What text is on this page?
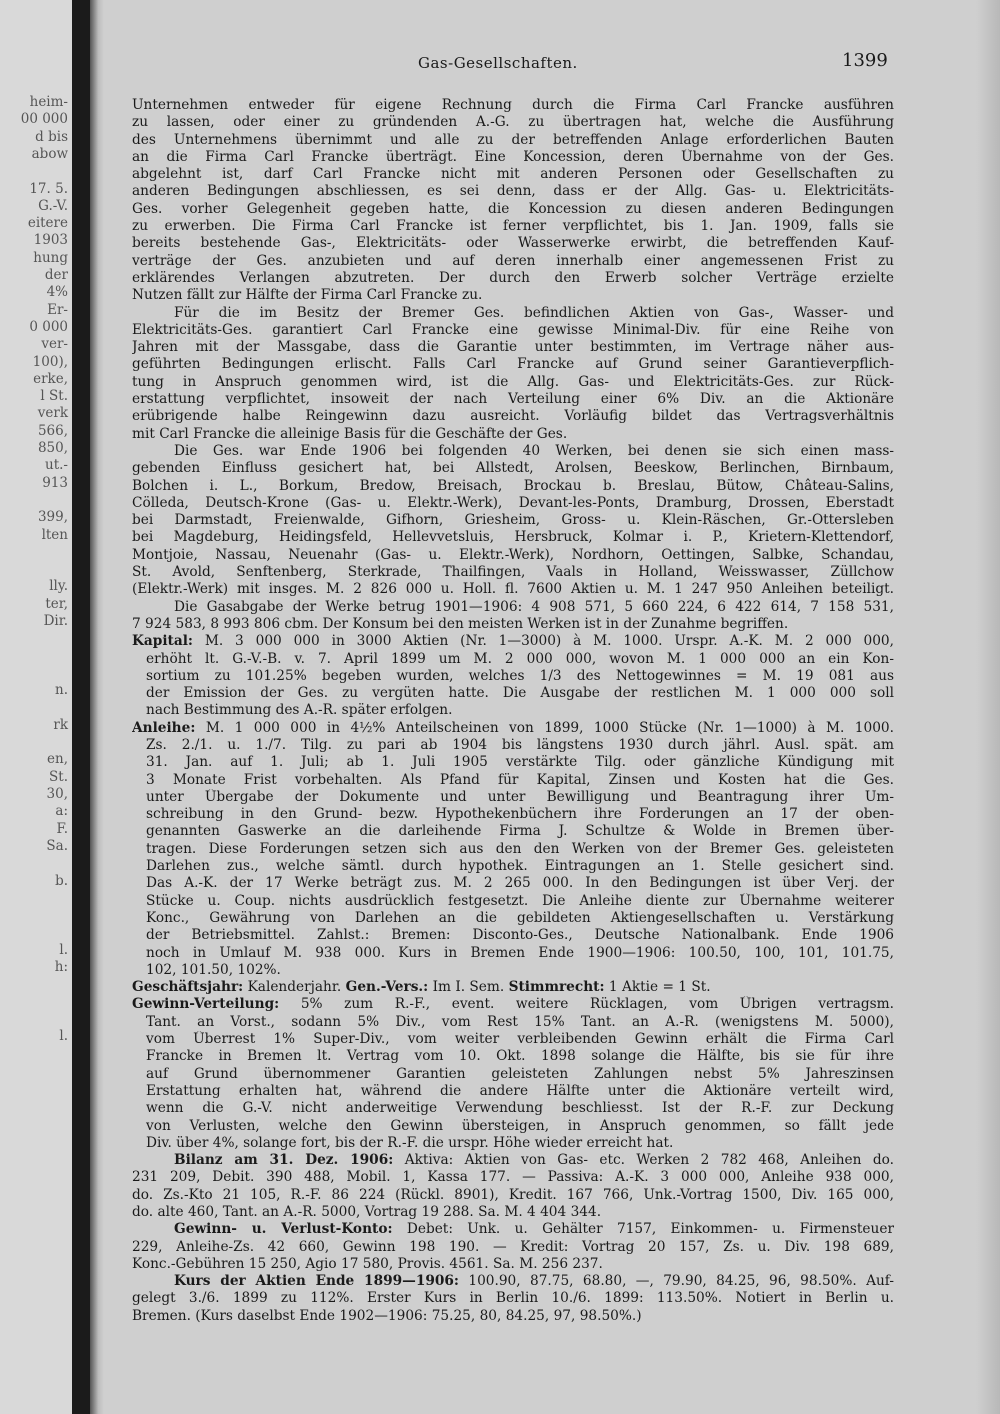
heim-
00 000
d bis
abow
17. 5.
G.-V.
eitere
1903
hung
der
4%
Er-
0 000
ver-
100),
erke,
l St.
verk
566,
850,
ut.-
913
399,
lten
lly.
ter,
Dir.
n.
rk
en,
St.
30,
a:
F.
Sa.
b.
l.
h:
l.
Gas-Gesellschaften.	1399
Unternehmen entweder für eigene Rechnung durch die Firma Carl Francke ausführen
zu lassen, oder einer zu gründenden A.-G. zu übertragen hat, welche die Ausführung
des Unternehmens übernimmt und alle zu der betreffenden Anlage erforderlichen Bauten
an die Firma Carl Francke überträgt. Eine Koncession, deren Übernahme von der Ges.
abgelehnt ist, darf Carl Francke nicht mit anderen Personen oder Gesellschaften zu
anderen Bedingungen abschliessen, es sei denn, dass er der Allg. Gas- u. Elektricitäts-
Ges. vorher Gelegenheit gegeben hatte, die Koncession zu diesen anderen Bedingungen
zu erwerben. Die Firma Carl Francke ist ferner verpflichtet, bis 1. Jan. 1909, falls sie
bereits bestehende Gas-, Elektricitäts- oder Wasserwerke erwirbt, die betreffenden Kauf-
verträge der Ges. anzubieten und auf deren innerhalb einer angemessenen Frist zu
erklärendes Verlangen abzutreten. Der durch den Erwerb solcher Verträge erzielte
Nutzen fällt zur Hälfte der Firma Carl Francke zu.
Für die im Besitz der Bremer Ges. befindlichen Aktien von Gas-, Wasser- und
Elektricitäts-Ges. garantiert Carl Francke eine gewisse Minimal-Div. für eine Reihe von
Jahren mit der Massgabe, dass die Garantie unter bestimmten, im Vertrage näher aus-
geführten Bedingungen erlischt. Falls Carl Francke auf Grund seiner Garantieverpflich-
tung in Anspruch genommen wird, ist die Allg. Gas- und Elektricitäts-Ges. zur Rück-
erstattung verpflichtet, insoweit der nach Verteilung einer 6% Div. an die Aktionäre
erübrigende halbe Reingewinn dazu ausreicht. Vorläufig bildet das Vertragsverhältnis
mit Carl Francke die alleinige Basis für die Geschäfte der Ges.
Die Ges. war Ende 1906 bei folgenden 40 Werken, bei denen sie sich einen mass-
gebenden Einfluss gesichert hat, bei Allstedt, Arolsen, Beeskow, Berlinchen, Birnbaum,
Bolchen i. L., Borkum, Bredow, Breisach, Brockau b. Breslau, Bütow, Château-Salins,
Cölleda, Deutsch-Krone (Gas- u. Elektr.-Werk), Devant-les-Ponts, Dramburg, Drossen, Eberstadt
bei Darmstadt, Freienwalde, Gifhorn, Griesheim, Gross- u. Klein-Räschen, Gr.-Ottersleben
bei Magdeburg, Heidingsfeld, Hellevvetsluis, Hersbruck, Kolmar i. P., Krietern-Klettendorf,
Montjoie, Nassau, Neuenahr (Gas- u. Elektr.-Werk), Nordhorn, Oettingen, Salbke, Schandau,
St. Avold, Senftenberg, Sterkrade, Thailfingen, Vaals in Holland, Weisswasser, Züllchow
(Elektr.-Werk) mit insges. M. 2 826 000 u. Holl. fl. 7600 Aktien u. M. 1 247 950 Anleihen beteiligt.
Die Gasabgabe der Werke betrug 1901—1906: 4 908 571, 5 660 224, 6 422 614, 7 158 531,
7 924 583, 8 993 806 cbm. Der Konsum bei den meisten Werken ist in der Zunahme begriffen.
Kapital: M. 3 000 000 in 3000 Aktien (Nr. 1—3000) à M. 1000. Urspr. A.-K. M. 2 000 000,
erhöht lt. G.-V.-B. v. 7. April 1899 um M. 2 000 000, wovon M. 1 000 000 an ein Kon-
sortium zu 101.25% begeben wurden, welches 1/3 des Nettogewinnes = M. 19 081 aus
der Emission der Ges. zu vergüten hatte. Die Ausgabe der restlichen M. 1 000 000 soll
nach Bestimmung des A.-R. später erfolgen.
Anleihe: M. 1 000 000 in 4½% Anteilscheinen von 1899, 1000 Stücke (Nr. 1—1000) à M. 1000.
Zs. 2./1. u. 1./7. Tilg. zu pari ab 1904 bis längstens 1930 durch jährl. Ausl. spät. am
31. Jan. auf 1. Juli; ab 1. Juli 1905 verstärkte Tilg. oder gänzliche Kündigung mit
3 Monate Frist vorbehalten. Als Pfand für Kapital, Zinsen und Kosten hat die Ges.
unter Übergabe der Dokumente und unter Bewilligung und Beantragung ihrer Um-
schreibung in den Grund- bezw. Hypothekenbüchern ihre Forderungen an 17 der oben-
genannten Gaswerke an die darleihende Firma J. Schultze & Wolde in Bremen über-
tragen. Diese Forderungen setzen sich aus den den Werken von der Bremer Ges. geleisteten
Darlehen zus., welche sämtl. durch hypothek. Eintragungen an 1. Stelle gesichert sind.
Das A.-K. der 17 Werke beträgt zus. M. 2 265 000. In den Bedingungen ist über Verj. der
Stücke u. Coup. nichts ausdrücklich festgesetzt. Die Anleihe diente zur Übernahme weiterer
Konc., Gewährung von Darlehen an die gebildeten Aktiengesellschaften u. Verstärkung
der Betriebsmittel. Zahlst.: Bremen: Disconto-Ges., Deutsche Nationalbank. Ende 1906
noch in Umlauf M. 938 000. Kurs in Bremen Ende 1900—1906: 100.50, 100, 101, 101.75,
102, 101.50, 102%.
Geschäftsjahr: Kalenderjahr. Gen.-Vers.: Im I. Sem. Stimmrecht: 1 Aktie = 1 St.
Gewinn-Verteilung: 5% zum R.-F., event. weitere Rücklagen, vom Übrigen vertragsm.
Tant. an Vorst., sodann 5% Div., vom Rest 15% Tant. an A.-R. (wenigstens M. 5000),
vom Überrest 1% Super-Div., vom weiter verbleibenden Gewinn erhält die Firma Carl
Francke in Bremen lt. Vertrag vom 10. Okt. 1898 solange die Hälfte, bis sie für ihre
auf Grund übernommener Garantien geleisteten Zahlungen nebst 5% Jahreszinsen
Erstattung erhalten hat, während die andere Hälfte unter die Aktionäre verteilt wird,
wenn die G.-V. nicht anderweitige Verwendung beschliesst. Ist der R.-F. zur Deckung
von Verlusten, welche den Gewinn übersteigen, in Anspruch genommen, so fällt jede
Div. über 4%, solange fort, bis der R.-F. die urspr. Höhe wieder erreicht hat.
Bilanz am 31. Dez. 1906: Aktiva: Aktien von Gas- etc. Werken 2 782 468, Anleihen do.
231 209, Debit. 390 488, Mobil. 1, Kassa 177. — Passiva: A.-K. 3 000 000, Anleihe 938 000,
do. Zs.-Kto 21 105, R.-F. 86 224 (Rückl. 8901), Kredit. 167 766, Unk.-Vortrag 1500, Div. 165 000,
do. alte 460, Tant. an A.-R. 5000, Vortrag 19 288. Sa. M. 4 404 344.
Gewinn- u. Verlust-Konto: Debet: Unk. u. Gehälter 7157, Einkommen- u. Firmensteuer
229, Anleihe-Zs. 42 660, Gewinn 198 190. — Kredit: Vortrag 20 157, Zs. u. Div. 198 689,
Konc.-Gebühren 15 250, Agio 17 580, Provis. 4561. Sa. M. 256 237.
Kurs der Aktien Ende 1899—1906: 100.90, 87.75, 68.80, —, 79.90, 84.25, 96, 98.50%. Auf-
gelegt 3./6. 1899 zu 112%. Erster Kurs in Berlin 10./6. 1899: 113.50%. Notiert in Berlin u.
Bremen. (Kurs daselbst Ende 1902—1906: 75.25, 80, 84.25, 97, 98.50%.)
